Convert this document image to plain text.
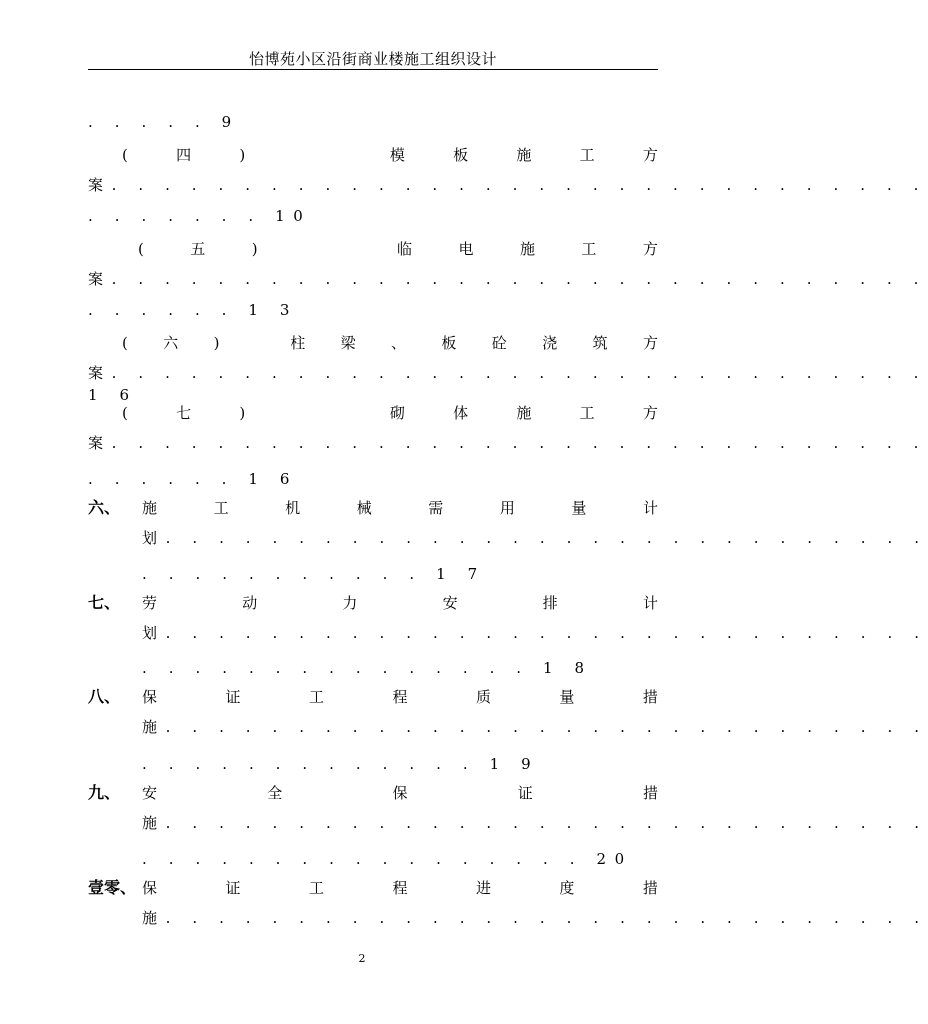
怡博苑小区沿街商业楼施工组织设计
. . . . . 9
(	四	)	模	板	施	工	方
案. . . . . . . . . . . . . . . . . . . . . . . . . . . . . . .
. . . . . . . 10
(	五	)	临	电	施	工	方
案. . . . . . . . . . . . . . . . . . . . . . . . . . . . . . .
. . . . . . 1 3
( 六 )	柱 梁 、 板 砼 浇 筑 方
案. . . . . . . . . . . . . . . . . . . . . . . . . . . . . . .
1 6
(	七	)	砌	体	施	工	方
案. . . . . . . . . . . . . . . . . . . . . . . . . . . . . . .
. . . . . . 1 6
六、 施	工	机	械	需	用	量	计
划. . . . . . . . . . . . . . . . . . . . . . . . . . . . .
. . . . . . . . . . . 1 7
七、 劳	动	力	安	排	计
划. . . . . . . . . . . . . . . . . . . . . . . . . . . . .
. . . . . . . . . . . . . . . 1 8
八、 保	证	工	程	质	量	措
施. . . . . . . . . . . . . . . . . . . . . . . . . . . . .
. . . . . . . . . . . . . 1 9
九、 安	全	保	证	措
施. . . . . . . . . . . . . . . . . . . . . . . . . . . . .
. . . . . . . . . . . . . . . . . 20
壹零、 保	证	工	程	进	度	措
施. . . . . . . . . . . . . . . . . . . . . . . . . . . . .
2
